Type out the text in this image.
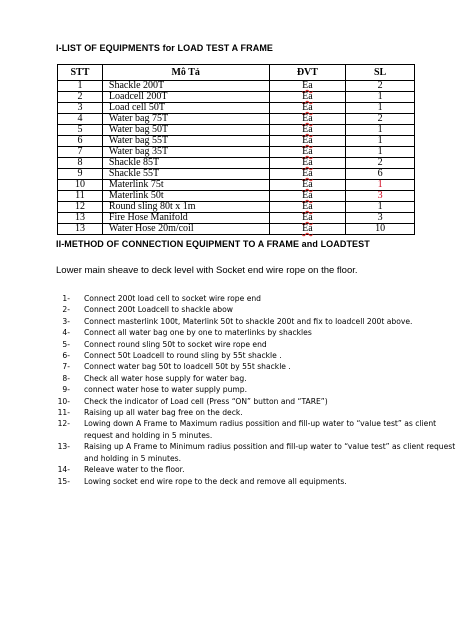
I-LIST OF EQUIPMENTS for LOAD TEST A FRAME
STT	Mô Tả	ĐVT	SL
1	Shackle 200T	Ea	2
2	Loadcell 200T	Ea	1
3	Load cell 50T	Ea	1
4	Water bag 75T	Ea	2
5	Water bag 50T	Ea	1
6	Water bag 55T	Ea	1
7	Water bag 35T	Ea	1
8	Shackle 85T	Ea	2
9	Shackle 55T	Ea	6
10	Materlink 75t	Ea	1
11	Materlink 50t	Ea	3
12	Round sling 80t x 1m	Ea	1
13	Fire Hose Manifold	Ea	3
13	Water Hose 20m/coil	Ea	10
II-METHOD OF CONNECTION EQUIPMENT TO A FRAME and LOADTEST
Lower main sheave to deck level with Socket end wire rope on the floor.
1- Connect 200t load cell to socket wire rope end
2- Connect 200t Loadcell to shackle abow
3- Connect masterlink 100t, Materlink 50t to shackle 200t and fix to loadcell 200t above.
4- Connect all water bag one by one to materlinks by shackles
5- Connect round sling 50t to socket wire rope end
6- Connect 50t Loadcell to round sling by 55t shackle .
7- Connect water bag 50t to loadcell 50t by 55t shackle .
8- Check all water hose supply for water bag.
9- connect water hose to water supply pump.
10- Check the indicator of Load cell (Press “ON” button and “TARE”)
11- Raising up all water bag free on the deck.
12- Lowing down A Frame to Maximum radius possition and fill-up water to “value test” as client request and holding in 5 minutes.
13- Raising up A Frame to Minimum radius possition and fill-up water to “value test” as client request and holding in 5 minutes.
14- Releave water to the floor.
15- Lowing socket end wire rope to the deck and remove all equipments.
